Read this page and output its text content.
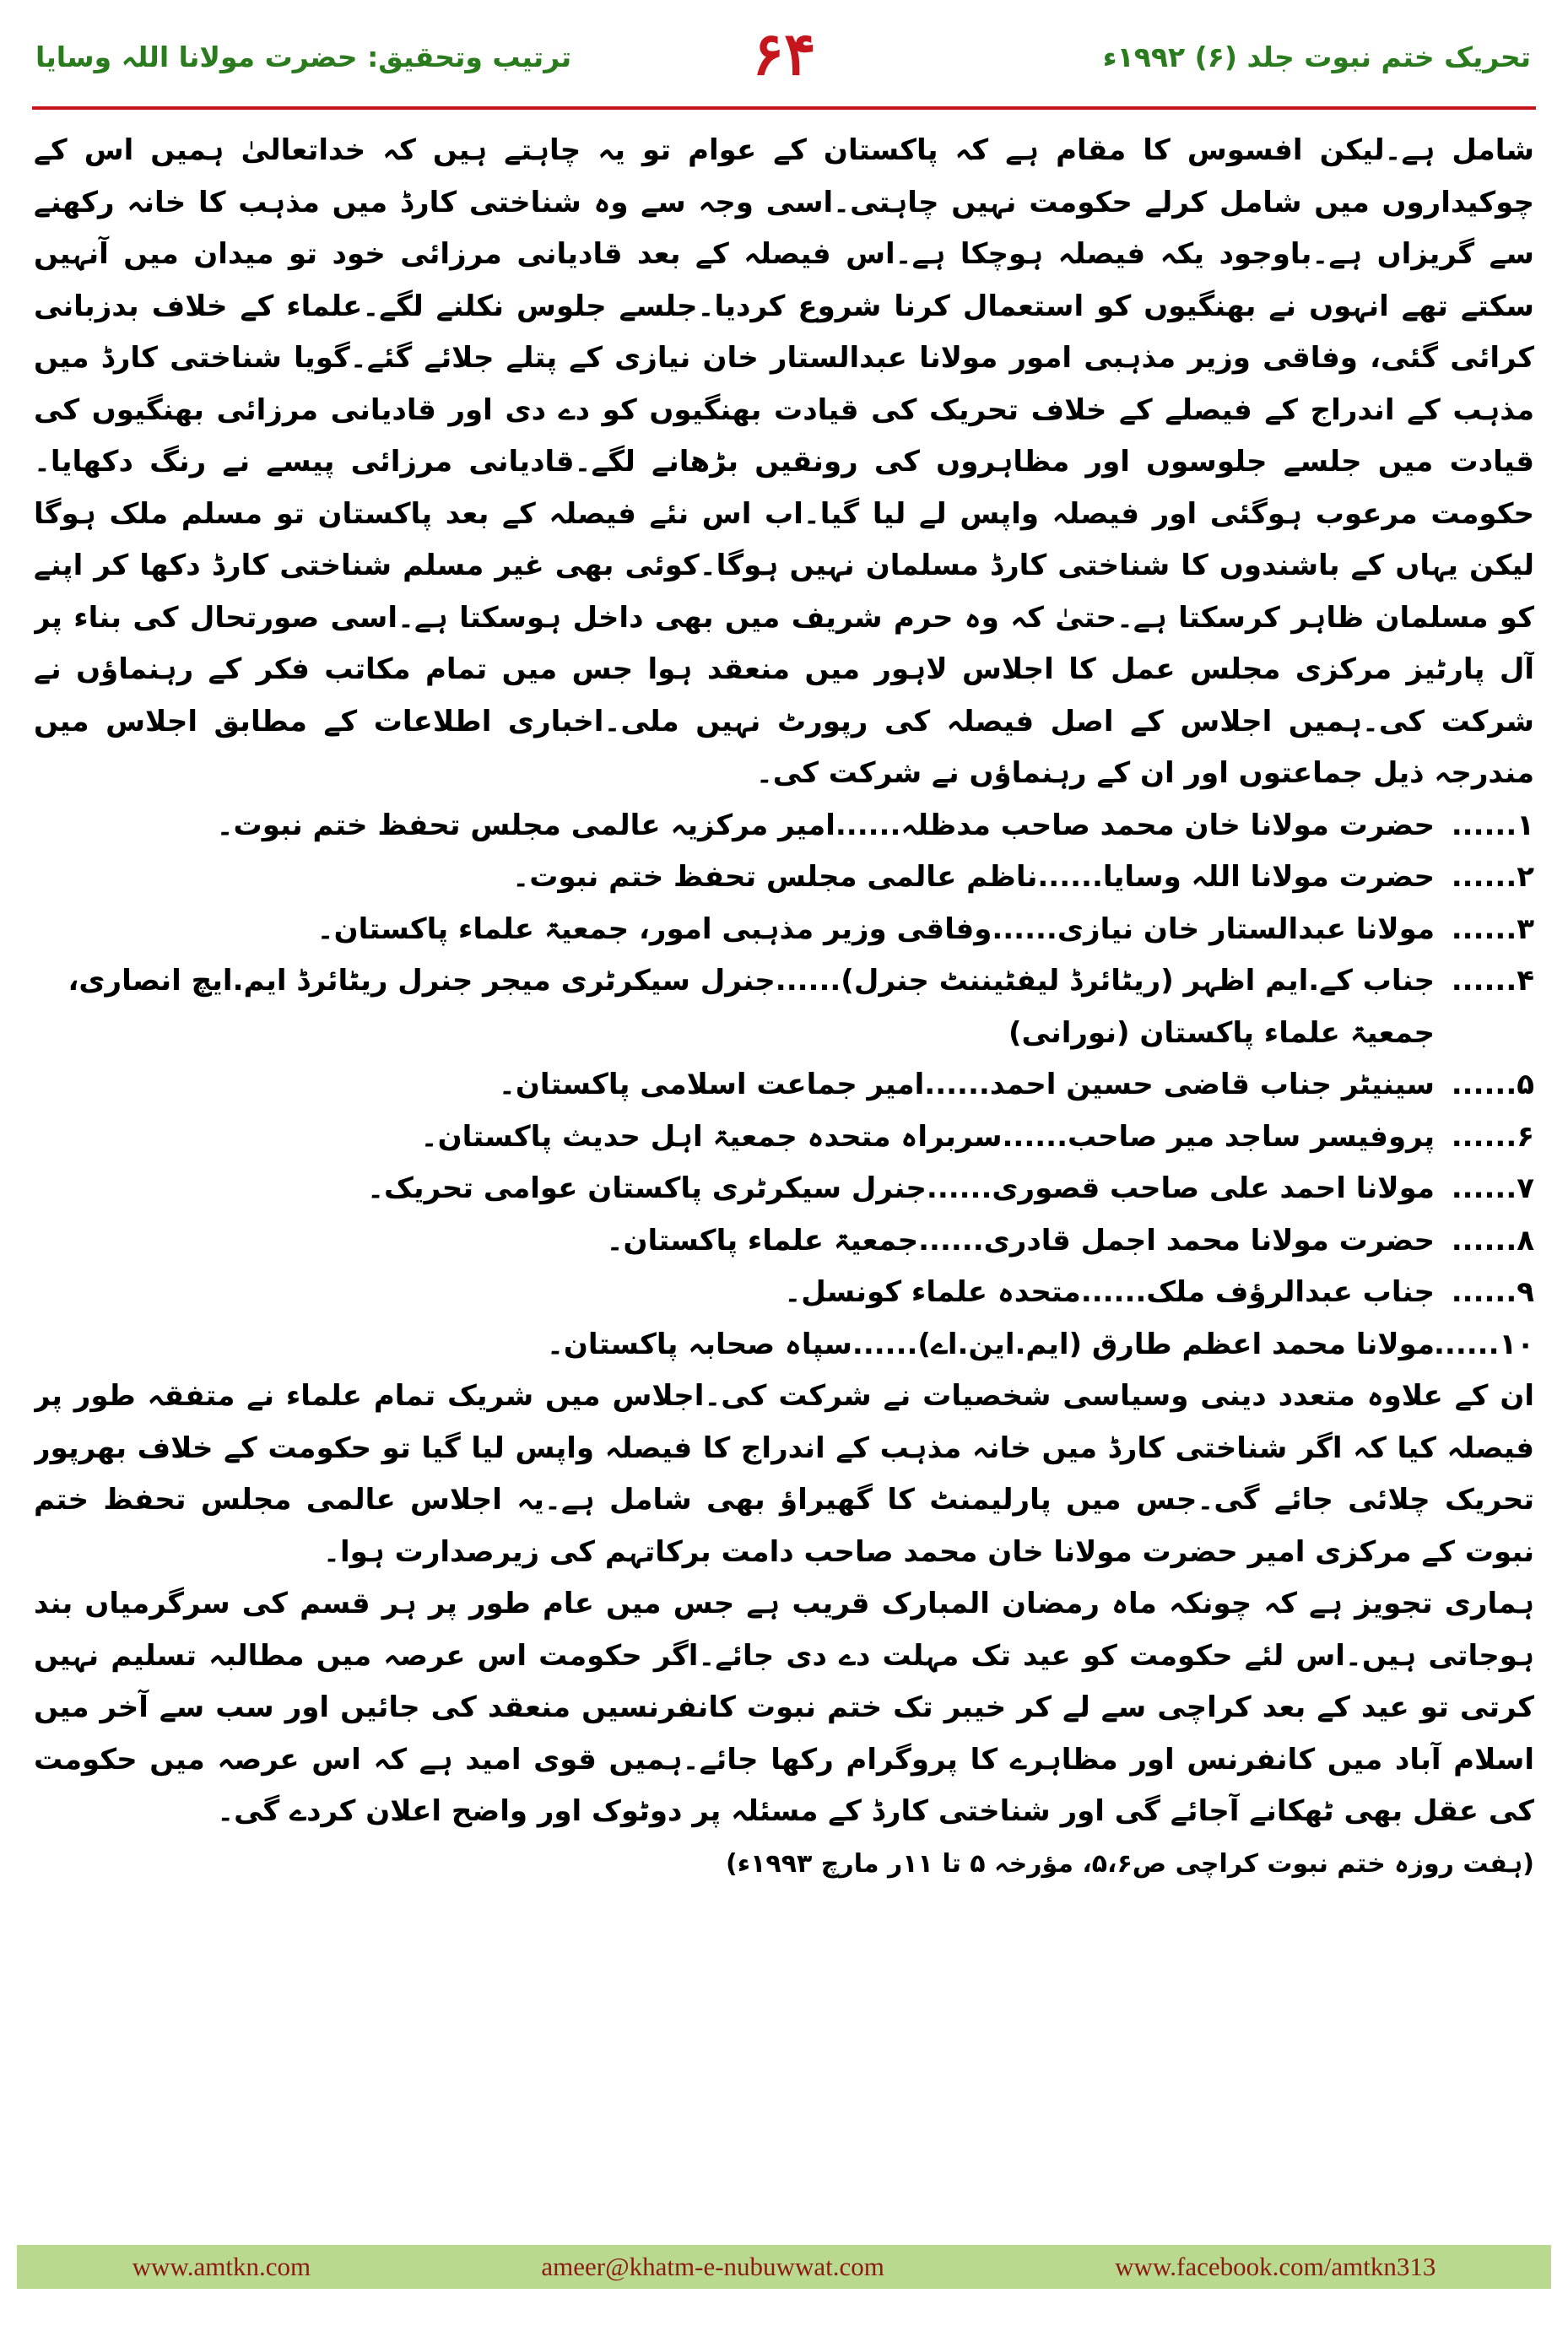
تحریک ختم نبوت جلد (۶) ۱۹۹۲ء
۶۴
ترتیب وتحقیق: حضرت مولانا اللہ وسایا

شامل ہے۔لیکن افسوس کا مقام ہے کہ پاکستان کے عوام تو یہ چاہتے ہیں کہ خداتعالیٰ ہمیں اس کے چوکیداروں میں شامل کرلے حکومت نہیں چاہتی۔اسی وجہ سے وہ شناختی کارڈ میں مذہب کا خانہ رکھنے سے گریزاں ہے۔باوجود یکہ فیصلہ ہوچکا ہے۔اس فیصلہ کے بعد قادیانی مرزائی خود تو میدان میں آنہیں سکتے تھے انہوں نے بھنگیوں کو استعمال کرنا شروع کردیا۔جلسے جلوس نکلنے لگے۔علماء کے خلاف بدزبانی کرائی گئی، وفاقی وزیر مذہبی امور مولانا عبدالستار خان نیازی کے پتلے جلائے گئے۔گویا شناختی کارڈ میں مذہب کے اندراج کے فیصلے کے خلاف تحریک کی قیادت بھنگیوں کو دے دی اور قادیانی مرزائی بھنگیوں کی قیادت میں جلسے جلوسوں اور مظاہروں کی رونقیں بڑھانے لگے۔قادیانی مرزائی پیسے نے رنگ دکھایا۔حکومت مرعوب ہوگئی اور فیصلہ واپس لے لیا گیا۔اب اس نئے فیصلہ کے بعد پاکستان تو مسلم ملک ہوگا لیکن یہاں کے باشندوں کا شناختی کارڈ مسلمان نہیں ہوگا۔کوئی بھی غیر مسلم شناختی کارڈ دکھا کر اپنے کو مسلمان ظاہر کرسکتا ہے۔حتیٰ کہ وہ حرم شریف میں بھی داخل ہوسکتا ہے۔اسی صورتحال کی بناء پر آل پارٹیز مرکزی مجلس عمل کا اجلاس لاہور میں منعقد ہوا جس میں تمام مکاتب فکر کے رہنماؤں نے شرکت کی۔ہمیں اجلاس کے اصل فیصلہ کی رپورٹ نہیں ملی۔اخباری اطلاعات کے مطابق اجلاس میں مندرجہ ذیل جماعتوں اور ان کے رہنماؤں نے شرکت کی۔

۱......
حضرت مولانا خان محمد صاحب مدظلہ......امیر مرکزیہ عالمی مجلس تحفظ ختم نبوت۔
۲......
حضرت مولانا اللہ وسایا......ناظم عالمی مجلس تحفظ ختم نبوت۔
۳......
مولانا عبدالستار خان نیازی......وفاقی وزیر مذہبی امور، جمعیۃ علماء پاکستان۔
۴......
جناب کے.ایم اظہر (ریٹائرڈ لیفٹیننٹ جنرل)......جنرل سیکرٹری میجر جنرل ریٹائرڈ ایم.ایچ انصاری، جمعیۃ علماء پاکستان (نورانی)
۵......
سینیٹر جناب قاضی حسین احمد......امیر جماعت اسلامی پاکستان۔
۶......
پروفیسر ساجد میر صاحب......سربراہ متحدہ جمعیۃ اہل حدیث پاکستان۔
۷......
مولانا احمد علی صاحب قصوری......جنرل سیکرٹری پاکستان عوامی تحریک۔
۸......
حضرت مولانا محمد اجمل قادری......جمعیۃ علماء پاکستان۔
۹......
جناب عبدالرؤف ملک......متحدہ علماء کونسل۔
۱۰......
مولانا محمد اعظم طارق (ایم.این.اے)......سپاہ صحابہ پاکستان۔

ان کے علاوہ متعدد دینی وسیاسی شخصیات نے شرکت کی۔اجلاس میں شریک تمام علماء نے متفقہ طور پر فیصلہ کیا کہ اگر شناختی کارڈ میں خانہ مذہب کے اندراج کا فیصلہ واپس لیا گیا تو حکومت کے خلاف بھرپور تحریک چلائی جائے گی۔جس میں پارلیمنٹ کا گھیراؤ بھی شامل ہے۔یہ اجلاس عالمی مجلس تحفظ ختم نبوت کے مرکزی امیر حضرت مولانا خان محمد صاحب دامت برکاتہم کی زیرصدارت ہوا۔

ہماری تجویز ہے کہ چونکہ ماہ رمضان المبارک قریب ہے جس میں عام طور پر ہر قسم کی سرگرمیاں بند ہوجاتی ہیں۔اس لئے حکومت کو عید تک مہلت دے دی جائے۔اگر حکومت اس عرصہ میں مطالبہ تسلیم نہیں کرتی تو عید کے بعد کراچی سے لے کر خیبر تک ختم نبوت کانفرنسیں منعقد کی جائیں اور سب سے آخر میں اسلام آباد میں کانفرنس اور مظاہرے کا پروگرام رکھا جائے۔ہمیں قوی امید ہے کہ اس عرصہ میں حکومت کی عقل بھی ٹھکانے آجائے گی اور شناختی کارڈ کے مسئلہ پر دوٹوک اور واضح اعلان کردے گی۔

(ہفت روزہ ختم نبوت کراچی ص۵،۶، مؤرخہ ۵ تا ۱۱ر مارچ ۱۹۹۳ء)

www.amtkn.com	ameer@khatm-e-nubuwwat.com	www.facebook.com/amtkn313
